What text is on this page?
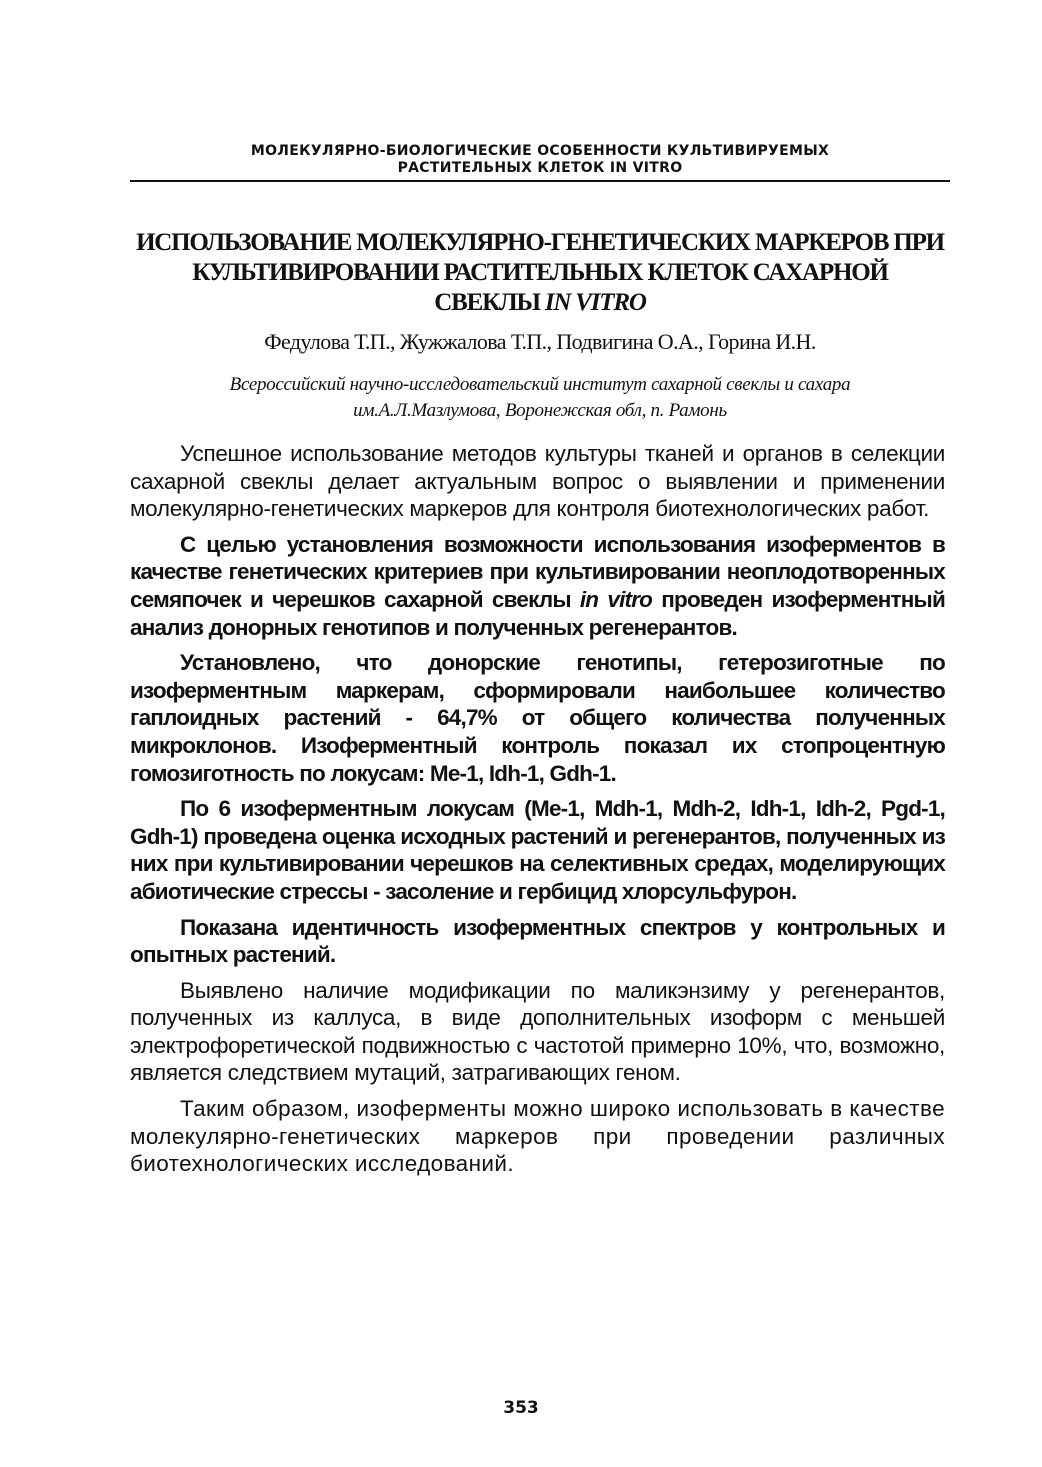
МОЛЕКУЛЯРНО-БИОЛОГИЧЕСКИЕ ОСОБЕННОСТИ КУЛЬТИВИРУЕМЫХ
РАСТИТЕЛЬНЫХ КЛЕТОК IN VITRO
ИСПОЛЬЗОВАНИЕ МОЛЕКУЛЯРНО-ГЕНЕТИЧЕСКИХ МАРКЕРОВ ПРИ
КУЛЬТИВИРОВАНИИ РАСТИТЕЛЬНЫХ КЛЕТОК САХАРНОЙ
СВЕКЛЫ IN VITRO
Федулова Т.П., Жужжалова Т.П., Подвигина О.А., Горина И.Н.
Всероссийский научно-исследовательский институт сахарной свеклы и сахара
им.А.Л.Мазлумова, Воронежская обл, п. Рамонь

Успешное использование методов культуры тканей и органов в селекции сахарной свеклы делает актуальным вопрос о выявлении и применении молекулярно-генетических маркеров для контроля биотехнологических работ.

С целью установления возможности использования изоферментов в качестве генетических критериев при культивировании неоплодотворенных семяпочек и черешков сахарной свеклы in vitro проведен изоферментный анализ донорных генотипов и полученных регенерантов.

Установлено, что донорские генотипы, гетерозиготные по изоферментным маркерам, сформировали наибольшее количество гаплоидных растений - 64,7% от общего количества полученных микроклонов. Изоферментный контроль показал их стопроцентную гомозиготность по локусам: Me-1, Idh-1, Gdh-1.

По 6 изоферментным локусам (Me-1, Mdh-1, Mdh-2, Idh-1, Idh-2, Pgd-1, Gdh-1) проведена оценка исходных растений и регенерантов, полученных из них при культивировании черешков на селективных средах, моделирующих абиотические стрессы - засоление и гербицид хлорсульфурон.

Показана идентичность изоферментных спектров у контрольных и опытных растений.

Выявлено наличие модификации по маликэнзиму у регенерантов, полученных из каллуса, в виде дополнительных изоформ с меньшей электрофоретической подвижностью с частотой примерно 10%, что, возможно, является следствием мутаций, затрагивающих геном.

Таким образом, изоферменты можно широко использовать в качестве молекулярно-генетических маркеров при проведении различных биотехнологических исследований.

353
